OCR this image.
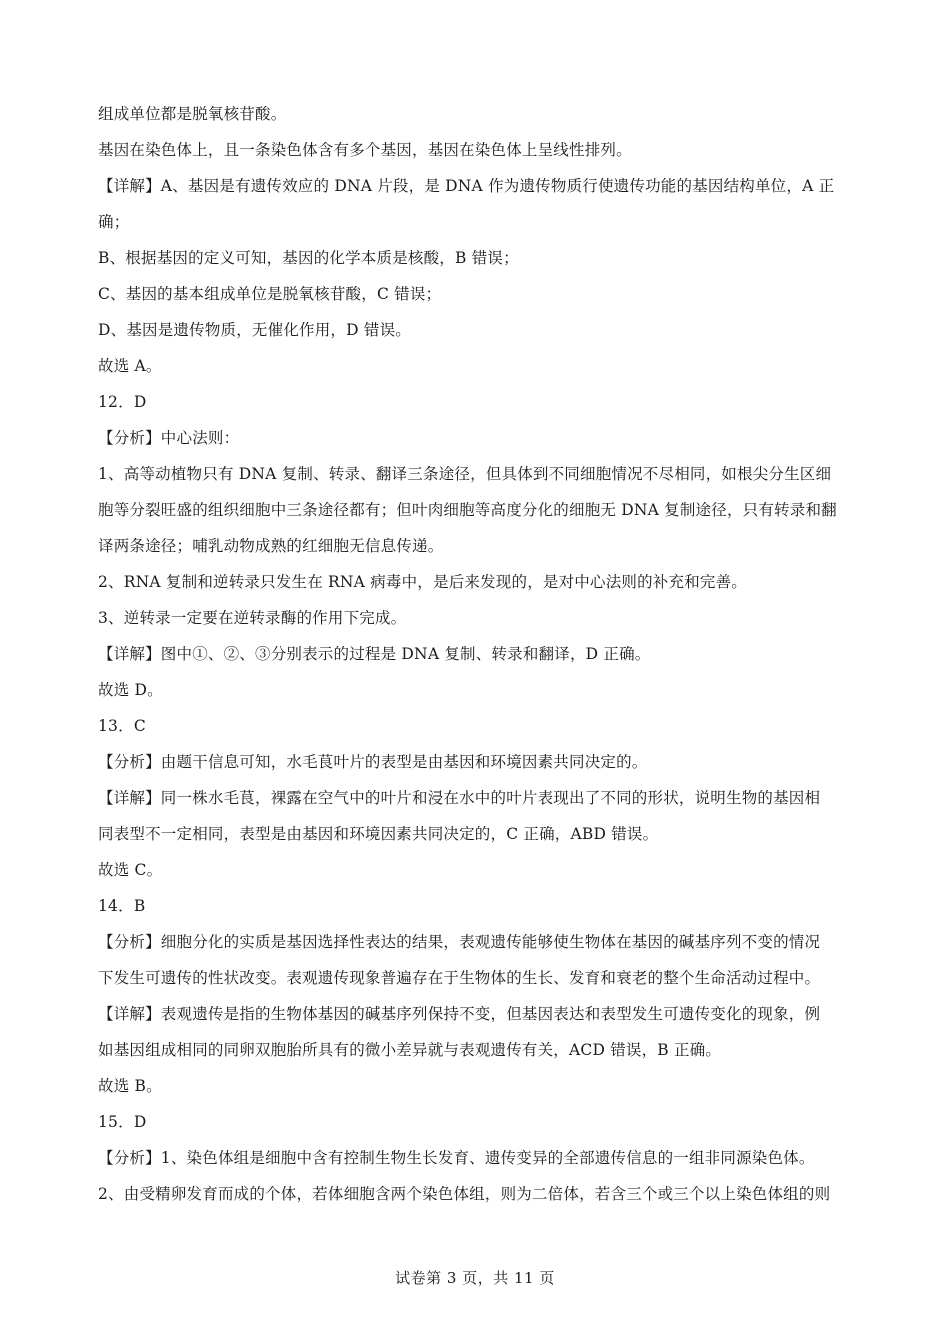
组成单位都是脱氧核苷酸。
基因在染色体上，且一条染色体含有多个基因，基因在染色体上呈线性排列。
【详解】A、基因是有遗传效应的 DNA 片段，是 DNA 作为遗传物质行使遗传功能的基因结构单位，A 正
确；
B、根据基因的定义可知，基因的化学本质是核酸，B 错误；
C、基因的基本组成单位是脱氧核苷酸，C 错误；
D、基因是遗传物质，无催化作用，D 错误。
故选 A。
12．D
【分析】中心法则：
1、高等动植物只有 DNA 复制、转录、翻译三条途径，但具体到不同细胞情况不尽相同，如根尖分生区细
胞等分裂旺盛的组织细胞中三条途径都有；但叶肉细胞等高度分化的细胞无 DNA 复制途径，只有转录和翻
译两条途径；哺乳动物成熟的红细胞无信息传递。
2、RNA 复制和逆转录只发生在 RNA 病毒中，是后来发现的，是对中心法则的补充和完善。
3、逆转录一定要在逆转录酶的作用下完成。
【详解】图中①、②、③分别表示的过程是 DNA 复制、转录和翻译，D 正确。
故选 D。
13．C
【分析】由题干信息可知，水毛茛叶片的表型是由基因和环境因素共同决定的。
【详解】同一株水毛茛，裸露在空气中的叶片和浸在水中的叶片表现出了不同的形状，说明生物的基因相
同表型不一定相同，表型是由基因和环境因素共同决定的，C 正确，ABD 错误。
故选 C。
14．B
【分析】细胞分化的实质是基因选择性表达的结果，表观遗传能够使生物体在基因的碱基序列不变的情况
下发生可遗传的性状改变。表观遗传现象普遍存在于生物体的生长、发育和衰老的整个生命活动过程中。
【详解】表观遗传是指的生物体基因的碱基序列保持不变，但基因表达和表型发生可遗传变化的现象，例
如基因组成相同的同卵双胞胎所具有的微小差异就与表观遗传有关，ACD 错误，B 正确。
故选 B。
15．D
【分析】1、染色体组是细胞中含有控制生物生长发育、遗传变异的全部遗传信息的一组非同源染色体。
2、由受精卵发育而成的个体，若体细胞含两个染色体组，则为二倍体，若含三个或三个以上染色体组的则
试卷第 3 页，共 11 页
